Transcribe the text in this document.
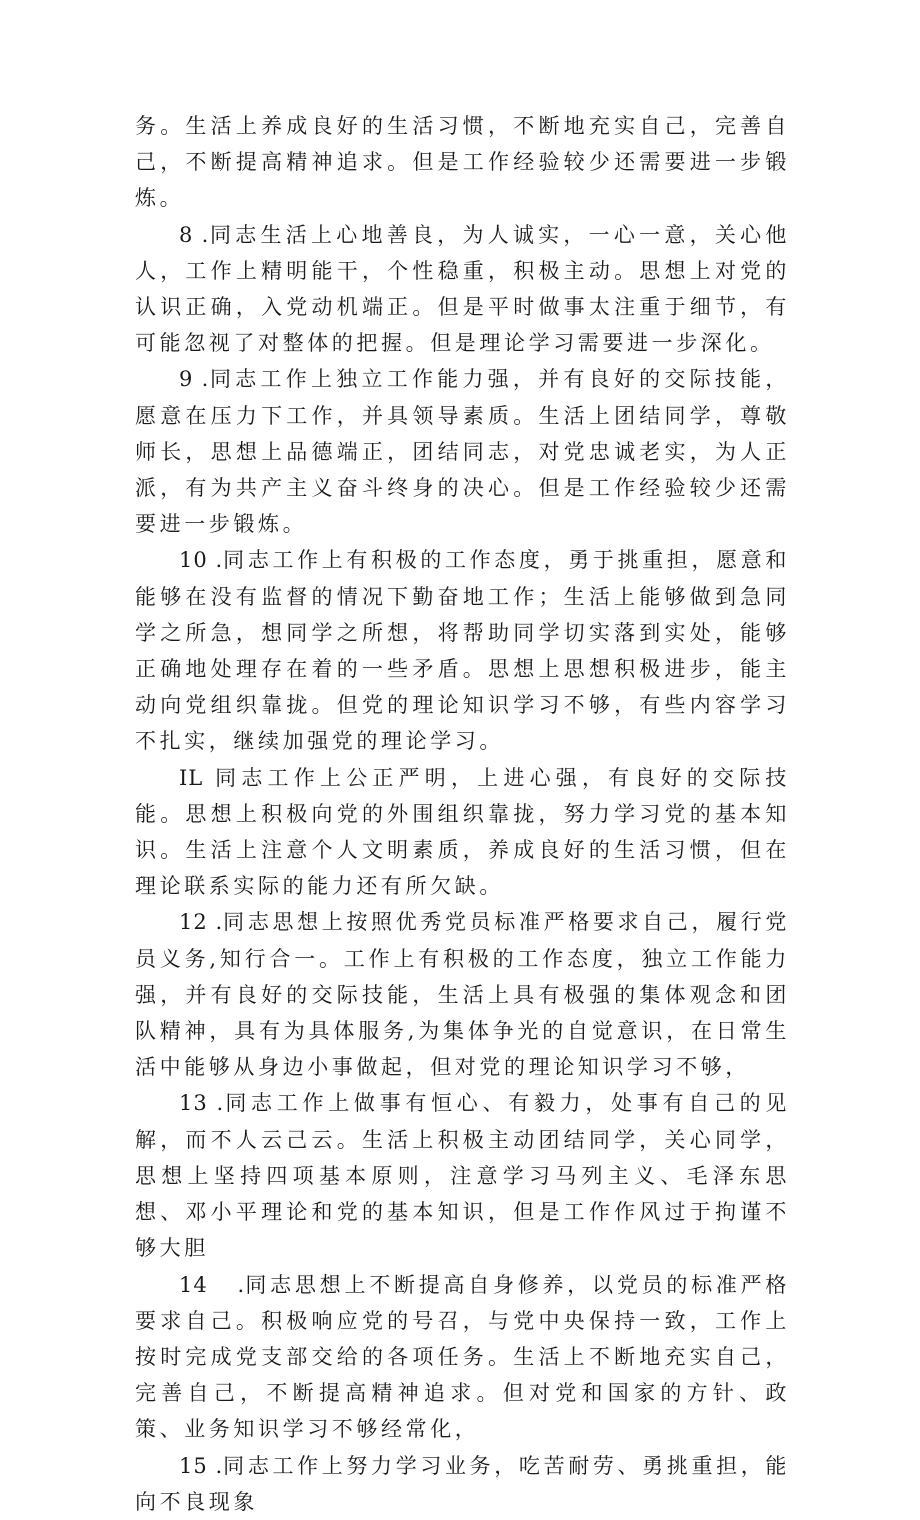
务。生活上养成良好的生活习惯，不断地充实自己，完善自己，不断提高精神追求。但是工作经验较少还需要进一步锻炼。

8 .同志生活上心地善良，为人诚实，一心一意，关心他人，工作上精明能干，个性稳重，积极主动。思想上对党的认识正确，入党动机端正。但是平时做事太注重于细节，有可能忽视了对整体的把握。但是理论学习需要进一步深化。

9 .同志工作上独立工作能力强，并有良好的交际技能，愿意在压力下工作，并具领导素质。生活上团结同学，尊敬师长，思想上品德端正，团结同志，对党忠诚老实，为人正派，有为共产主义奋斗终身的决心。但是工作经验较少还需要进一步锻炼。

10 .同志工作上有积极的工作态度，勇于挑重担，愿意和能够在没有监督的情况下勤奋地工作；生活上能够做到急同学之所急，想同学之所想，将帮助同学切实落到实处，能够正确地处理存在着的一些矛盾。思想上思想积极进步，能主动向党组织靠拢。但党的理论知识学习不够，有些内容学习不扎实，继续加强党的理论学习。

IL 同志工作上公正严明，上进心强，有良好的交际技能。思想上积极向党的外围组织靠拢，努力学习党的基本知识。生活上注意个人文明素质，养成良好的生活习惯，但在理论联系实际的能力还有所欠缺。

12 .同志思想上按照优秀党员标准严格要求自己，履行党员义务,知行合一。工作上有积极的工作态度，独立工作能力强，并有良好的交际技能，生活上具有极强的集体观念和团队精神，具有为具体服务,为集体争光的自觉意识，在日常生活中能够从身边小事做起，但对党的理论知识学习不够，

13 .同志工作上做事有恒心、有毅力，处事有自己的见解，而不人云己云。生活上积极主动团结同学，关心同学，思想上坚持四项基本原则，注意学习马列主义、毛泽东思想、邓小平理论和党的基本知识，但是工作作风过于拘谨不够大胆

14  .同志思想上不断提高自身修养，以党员的标准严格要求自己。积极响应党的号召，与党中央保持一致，工作上按时完成党支部交给的各项任务。生活上不断地充实自己，完善自己，不断提高精神追求。但对党和国家的方针、政策、业务知识学习不够经常化，

15 .同志工作上努力学习业务，吃苦耐劳、勇挑重担，能向不良现象
